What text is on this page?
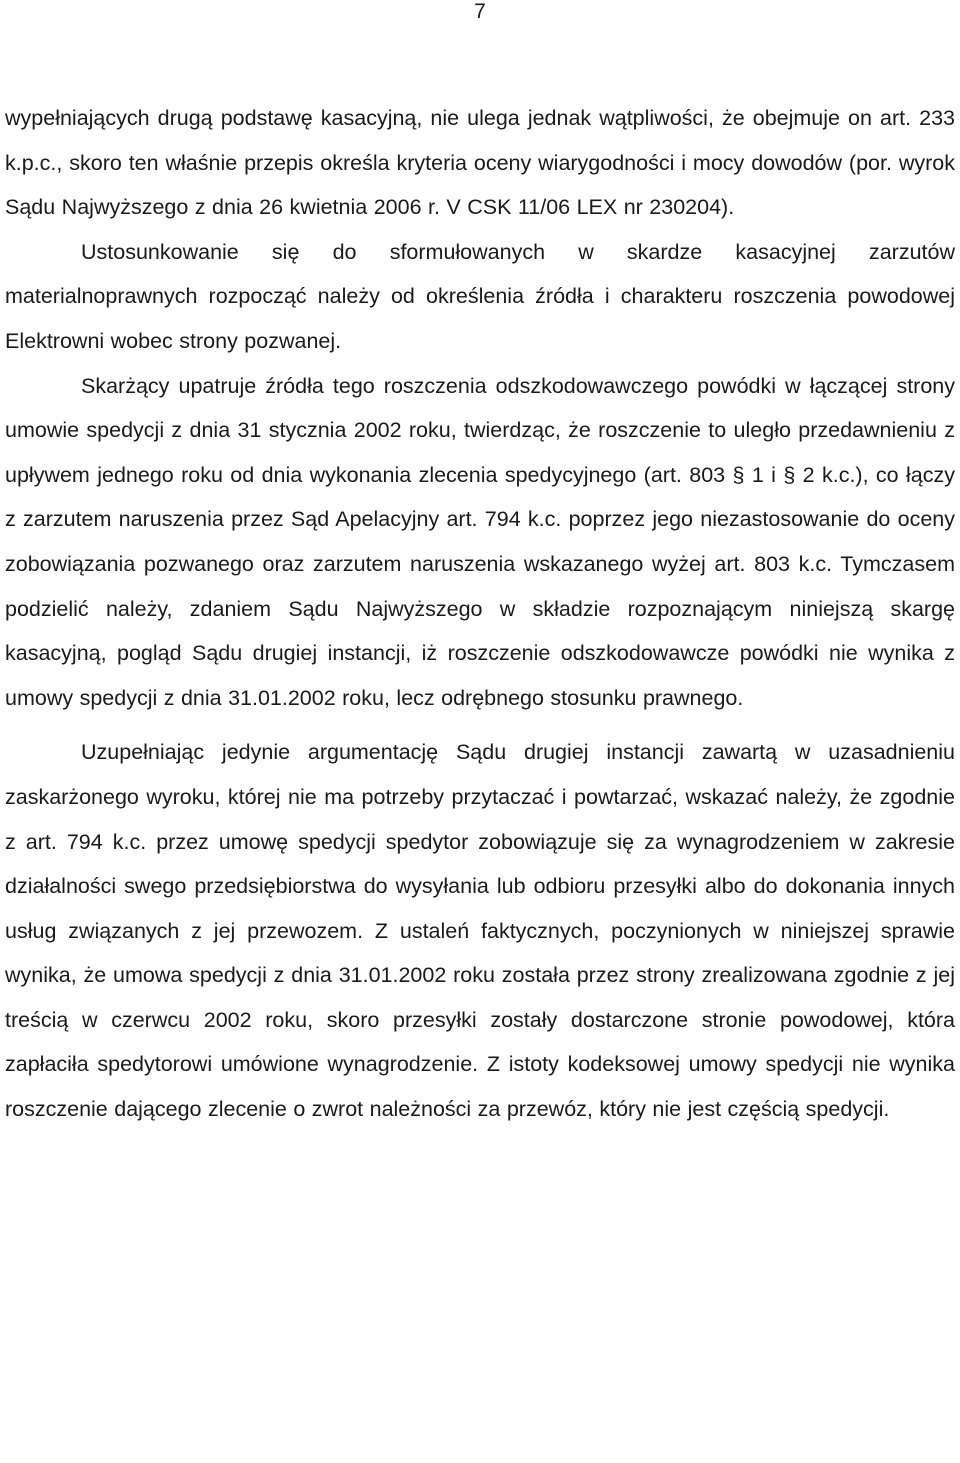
7

wypełniających drugą podstawę kasacyjną, nie ulega jednak wątpliwości, że obejmuje on art. 233 k.p.c., skoro ten właśnie przepis określa kryteria oceny wiarygodności i mocy dowodów (por. wyrok Sądu Najwyższego z dnia 26 kwietnia 2006 r. V CSK 11/06 LEX nr 230204).

Ustosunkowanie się do sformułowanych w skardze kasacyjnej zarzutów materialnoprawnych rozpocząć należy od określenia źródła i charakteru roszczenia powodowej Elektrowni wobec strony pozwanej.

Skarżący upatruje źródła tego roszczenia odszkodowawczego powódki w łączącej strony umowie spedycji z dnia 31 stycznia 2002 roku, twierdząc, że roszczenie to uległo przedawnieniu z upływem jednego roku od dnia wykonania zlecenia spedycyjnego (art. 803 § 1 i § 2 k.c.), co łączy z zarzutem naruszenia przez Sąd Apelacyjny art. 794 k.c. poprzez jego niezastosowanie do oceny zobowiązania pozwanego oraz zarzutem naruszenia wskazanego wyżej art. 803 k.c. Tymczasem podzielić należy, zdaniem Sądu Najwyższego w składzie rozpoznającym niniejszą skargę kasacyjną, pogląd Sądu drugiej instancji, iż roszczenie odszkodowawcze powódki nie wynika z umowy spedycji z dnia 31.01.2002 roku, lecz odrębnego stosunku prawnego.

Uzupełniając jedynie argumentację Sądu drugiej instancji zawartą w uzasadnieniu zaskarżonego wyroku, której nie ma potrzeby przytaczać i powtarzać, wskazać należy, że zgodnie z art. 794 k.c. przez umowę spedycji spedytor zobowiązuje się za wynagrodzeniem w zakresie działalności swego przedsiębiorstwa do wysyłania lub odbioru przesyłki albo do dokonania innych usług związanych z jej przewozem. Z ustaleń faktycznych, poczynionych w niniejszej sprawie wynika, że umowa spedycji z dnia 31.01.2002 roku została przez strony zrealizowana zgodnie z jej treścią w czerwcu 2002 roku, skoro przesyłki zostały dostarczone stronie powodowej, która zapłaciła spedytorowi umówione wynagrodzenie. Z istoty kodeksowej umowy spedycji nie wynika roszczenie dającego zlecenie o zwrot należności za przewóz, który nie jest częścią spedycji.
